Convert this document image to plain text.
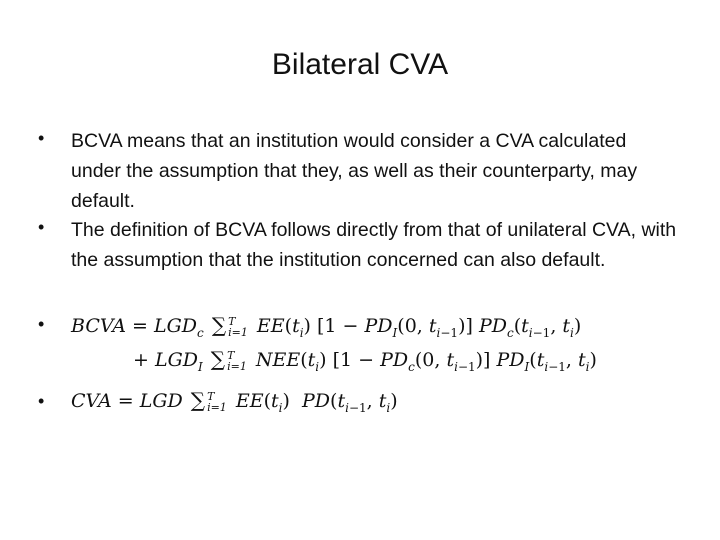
Bilateral CVA
• BCVA means that an institution would consider a CVA calculated under the assumption that they, as well as their counterparty, may default.
• The definition of BCVA follows directly from that of unilateral CVA, with the assumption that the institution concerned can also default.
• BCVA = $LGD_c$ ∑ T
i=1 $EE(t_i) [1 - PD_I(0$, $t_{i-1}$)] $PD_c(t_{i-1}$, $t_i$)
+ $LGD_I$ ∑ T
i=1 $NEE(t_i) [1 - PD_c(0$, $t_{i-1}$)] $PD_I(t_{i-1}$, $t_i$)
• CVA = LGD ∑ T
i=1 $EE(t_i)$  $PD(t_{i-1}$, $t_i$)
